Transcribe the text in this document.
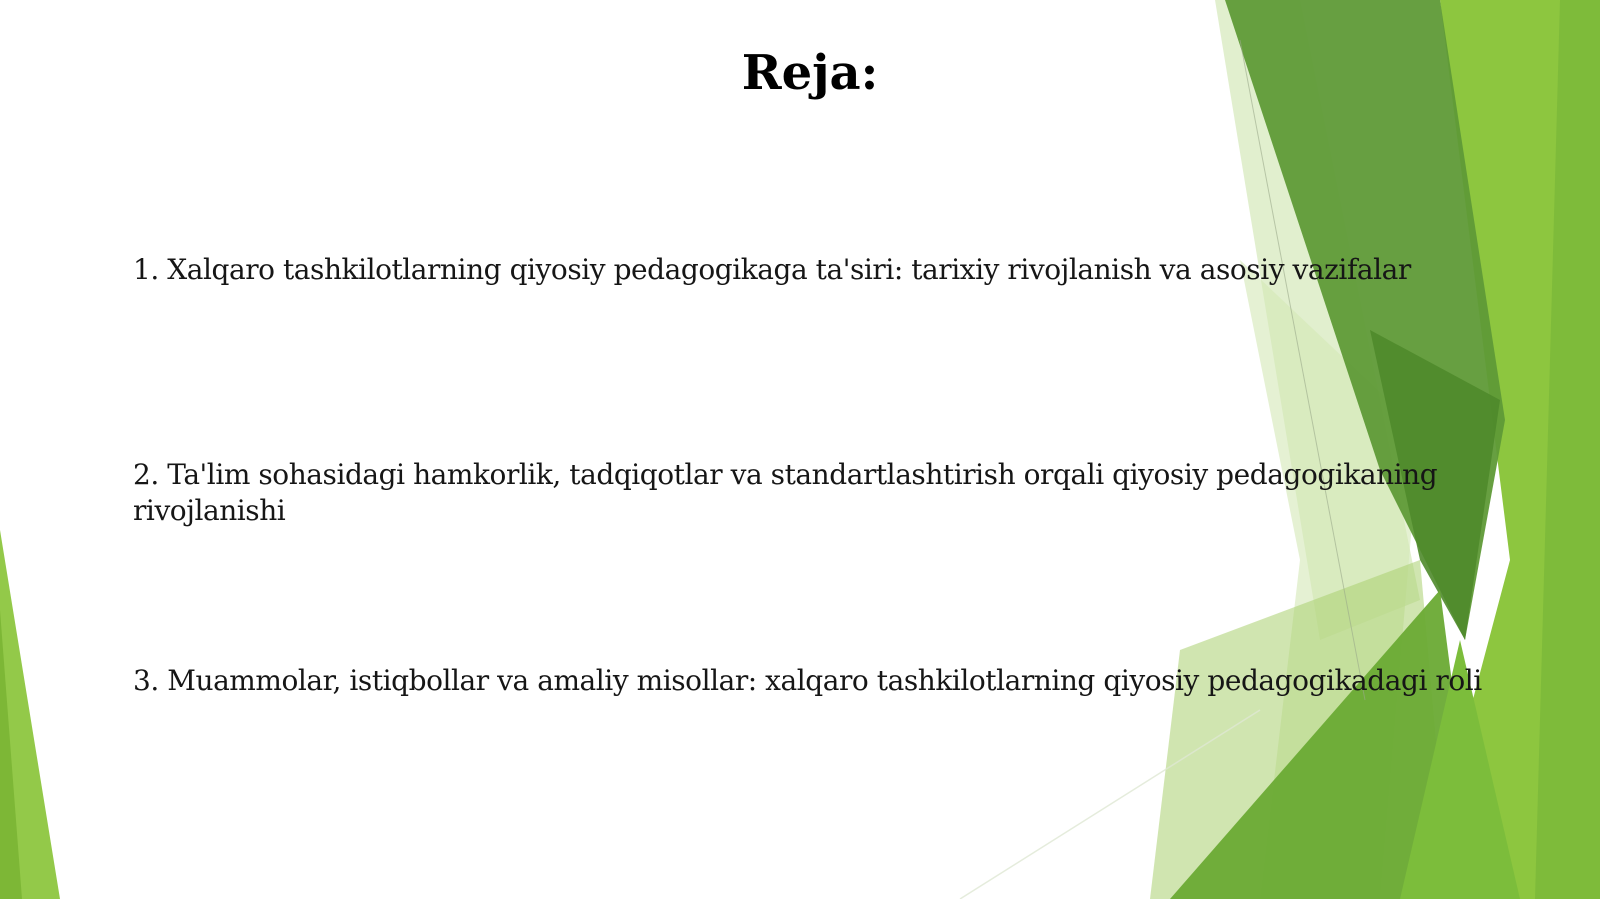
Reja:
1. Xalqaro tashkilotlarning qiyosiy pedagogikaga ta'siri: tarixiy rivojlanish va asosiy vazifalar
2. Ta'lim sohasidagi hamkorlik, tadqiqotlar va standartlashtirish orqali qiyosiy pedagogikaning rivojlanishi
3. Muammolar, istiqbollar va amaliy misollar: xalqaro tashkilotlarning qiyosiy pedagogikadagi roli
